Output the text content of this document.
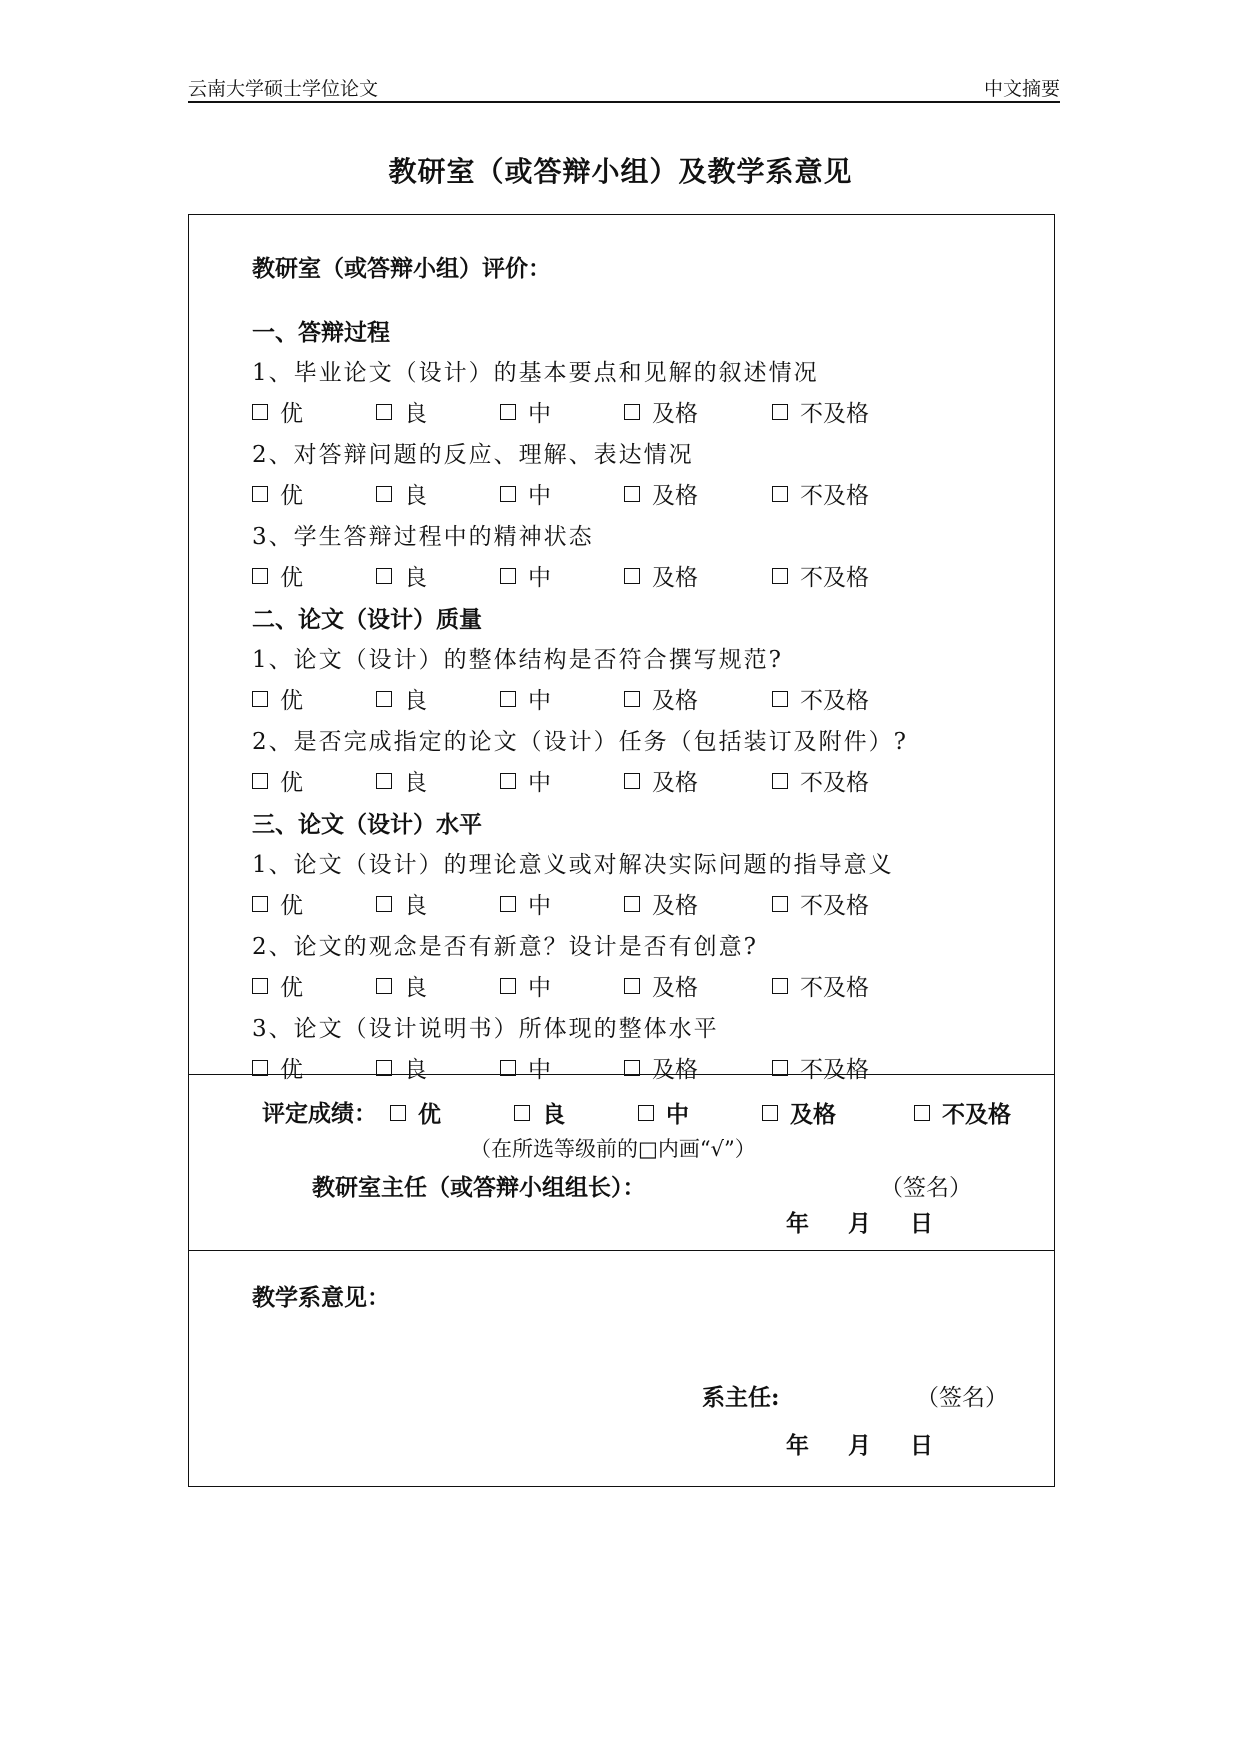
云南大学硕士学位论文	中文摘要
教研室（或答辩小组）及教学系意见
教研室（或答辩小组）评价：
一、答辩过程
1、毕业论文（设计）的基本要点和见解的叙述情况
优	良	中	及格	不及格
2、对答辩问题的反应、理解、表达情况
优	良	中	及格	不及格
3、学生答辩过程中的精神状态
优	良	中	及格	不及格
二、论文（设计）质量
1、论文（设计）的整体结构是否符合撰写规范?
优	良	中	及格	不及格
2、是否完成指定的论文（设计）任务（包括装订及附件）?
优	良	中	及格	不及格
三、论文（设计）水平
1、论文（设计）的理论意义或对解决实际问题的指导意义
优	良	中	及格	不及格
2、论文的观念是否有新意？设计是否有创意?
优	良	中	及格	不及格
3、论文（设计说明书）所体现的整体水平
优	良	中	及格	不及格
评定成绩：	优	良	中	及格	不及格
（在所选等级前的□内画“√”）
教研室主任（或答辩小组组长）：	（签名）
年 月 日
教学系意见：
系主任:	（签名）
年 月 日
